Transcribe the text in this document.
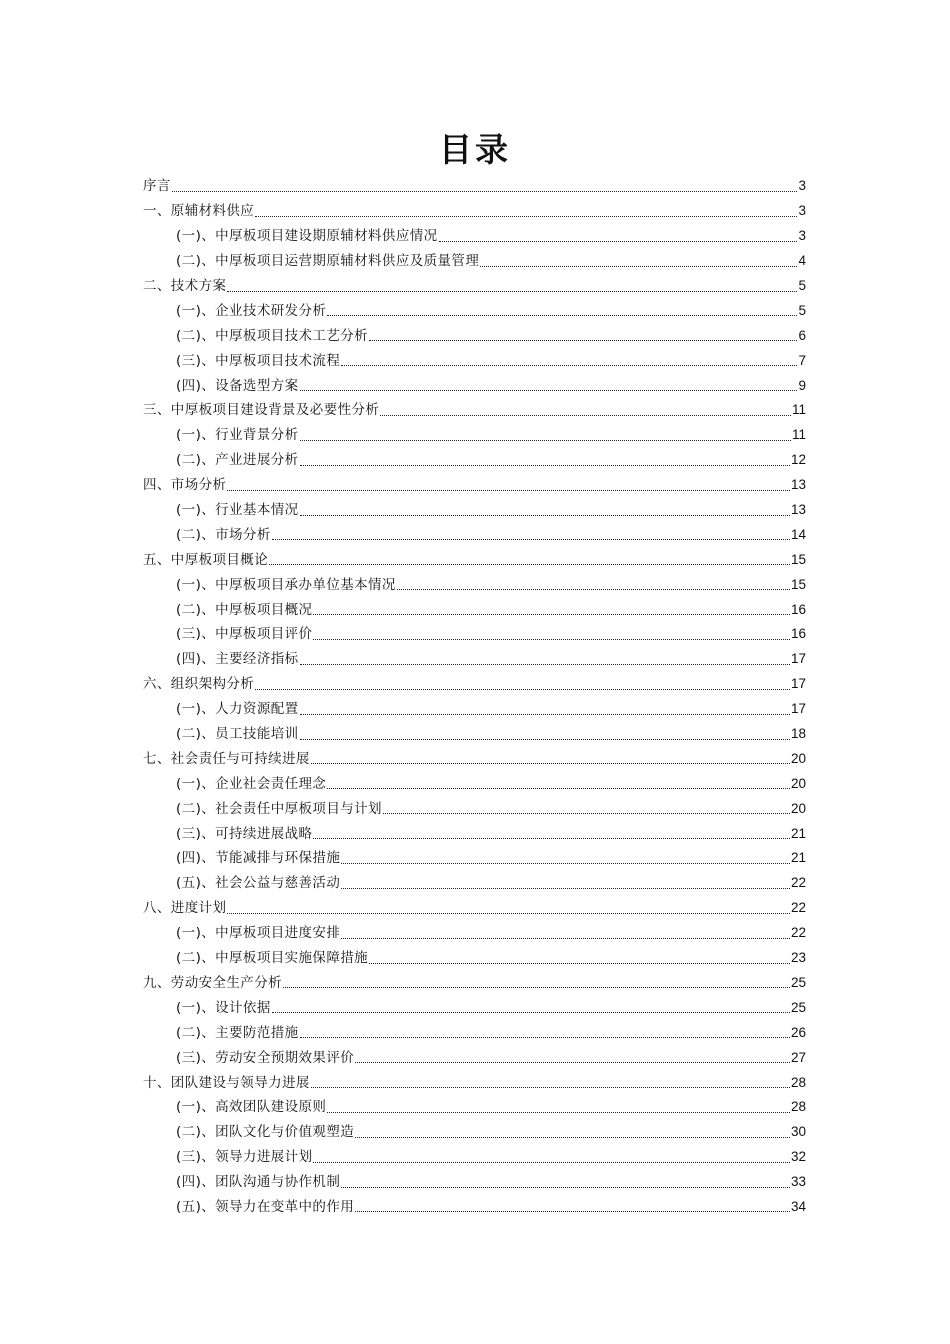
目录
序言	3
一、原辅材料供应	3
(一)、中厚板项目建设期原辅材料供应情况	3
(二)、中厚板项目运营期原辅材料供应及质量管理	4
二、技术方案	5
(一)、企业技术研发分析	5
(二)、中厚板项目技术工艺分析	6
(三)、中厚板项目技术流程	7
(四)、设备选型方案	9
三、中厚板项目建设背景及必要性分析	11
(一)、行业背景分析	11
(二)、产业进展分析	12
四、市场分析	13
(一)、行业基本情况	13
(二)、市场分析	14
五、中厚板项目概论	15
(一)、中厚板项目承办单位基本情况	15
(二)、中厚板项目概况	16
(三)、中厚板项目评价	16
(四)、主要经济指标	17
六、组织架构分析	17
(一)、人力资源配置	17
(二)、员工技能培训	18
七、社会责任与可持续进展	20
(一)、企业社会责任理念	20
(二)、社会责任中厚板项目与计划	20
(三)、可持续进展战略	21
(四)、节能减排与环保措施	21
(五)、社会公益与慈善活动	22
八、进度计划	22
(一)、中厚板项目进度安排	22
(二)、中厚板项目实施保障措施	23
九、劳动安全生产分析	25
(一)、设计依据	25
(二)、主要防范措施	26
(三)、劳动安全预期效果评价	27
十、团队建设与领导力进展	28
(一)、高效团队建设原则	28
(二)、团队文化与价值观塑造	30
(三)、领导力进展计划	32
(四)、团队沟通与协作机制	33
(五)、领导力在变革中的作用	34
